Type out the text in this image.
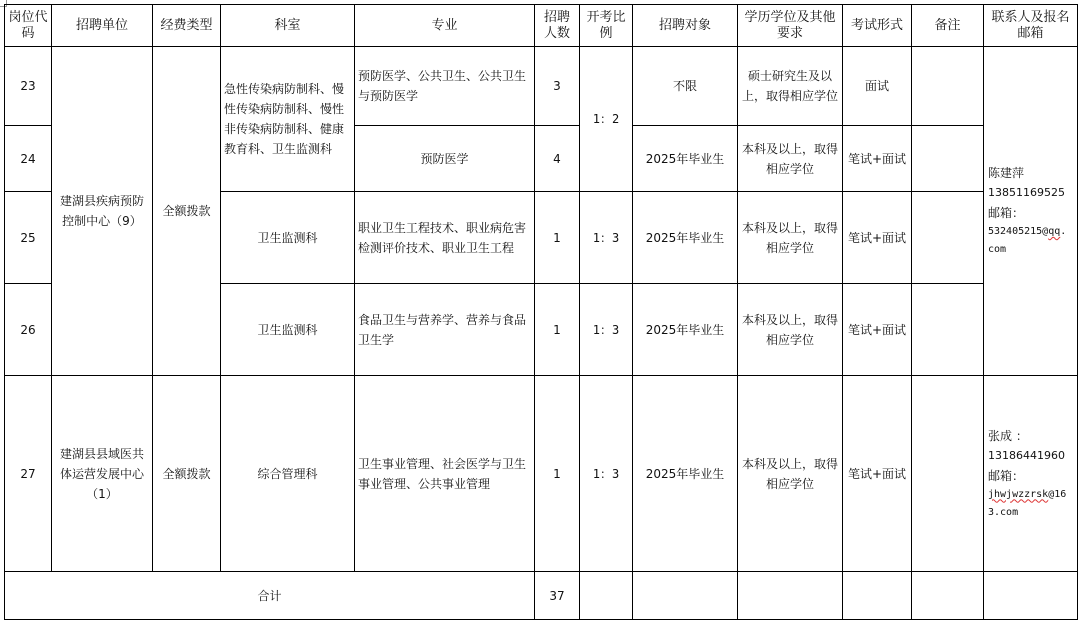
岗位代码	招聘单位	经费类型	科室	专业	招聘人数	开考比例	招聘对象	学历学位及其他要求	考试形式	备注	联系人及报名邮箱
23	建湖县疾病预防控制中心（9）	全额拨款	急性传染病防制科、慢性传染病防制科、慢性非传染病防制科、健康教育科、卫生监测科	预防医学、公共卫生、公共卫生与预防医学	3	1：2	不限	硕士研究生及以上，取得相应学位	面试		陈建萍
13851169525
邮箱：
532405215@qq.
com

24				预防医学	4		2025年毕业生	本科及以上，取得相应学位	笔试+面试		
25			卫生监测科	职业卫生工程技术、职业病危害检测评价技术、职业卫生工程	1	1：3	2025年毕业生	本科及以上，取得相应学位	笔试+面试		
26			卫生监测科	食品卫生与营养学、营养与食品卫生学	1	1：3	2025年毕业生	本科及以上，取得相应学位	笔试+面试		
27	建湖县县域医共体运营发展中心（1）	全额拨款	综合管理科	卫生事业管理、社会医学与卫生事业管理、公共事业管理	1	1：3	2025年毕业生	本科及以上，取得相应学位	笔试+面试		张成 ：
13186441960
邮箱：
jhwjwzzrsk@16
3.com

合计					37						
